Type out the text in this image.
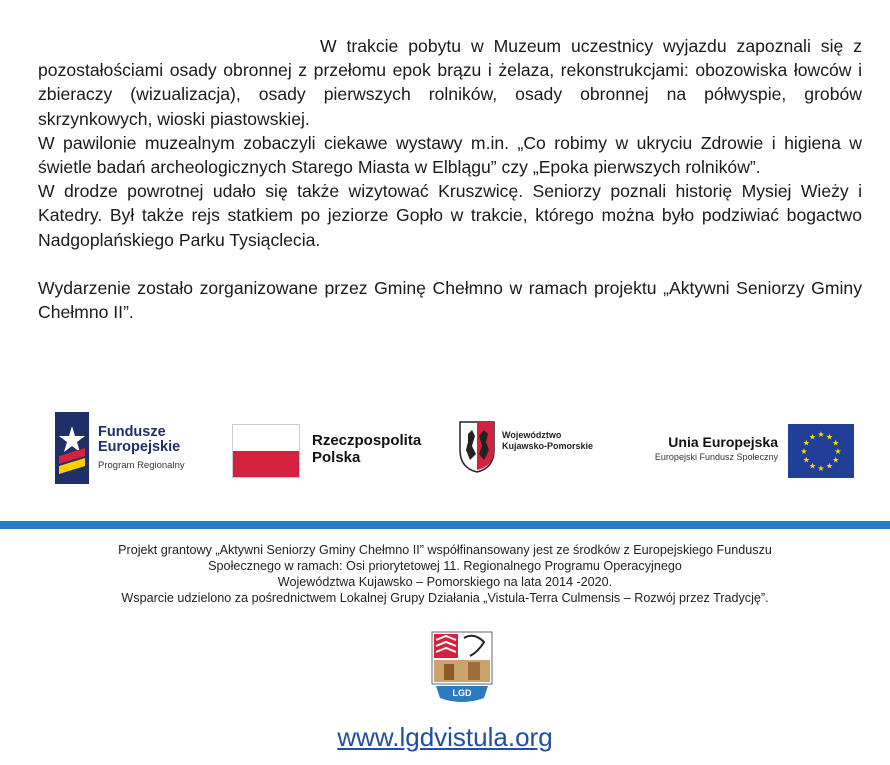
W trakcie pobytu w Muzeum uczestnicy wyjazdu zapoznali się z pozostałościami osady obronnej z przełomu epok brązu i żelaza, rekonstrukcjami: obozowiska łowców i zbieraczy (wizualizacja), osady pierwszych rolników, osady obronnej na półwyspie, grobów skrzynkowych, wioski piastowskiej.

W pawilonie muzealnym zobaczyli ciekawe wystawy m.in. „Co robimy w ukryciu Zdrowie i higiena w świetle badań archeologicznych Starego Miasta w Elblągu” czy „Epoka pierwszych rolników”.

W drodze powrotnej udało się także wizytować Kruszwicę. Seniorzy poznali historię Mysiej Wieży i Katedry. Był także rejs statkiem po jeziorze Gopło w trakcie, którego można było podziwiać bogactwo Nadgoplańskiego Parku Tysiąclecia.

Wydarzenie zostało zorganizowane przez Gminę Chełmno w ramach projektu „Aktywni Seniorzy Gminy Chełmno II”.

Fundusze
Europejskie
Program Regionalny
Rzeczpospolita
Polska
Województwo
Kujawsko-Pomorskie	Unia Europejska
Europejski Fundusz Społeczny
★ ★
★
★
★
★
★
★
★
★
★
★

Projekt grantowy „Aktywni Seniorzy Gminy Chełmno II” współfinansowany jest ze środków z Europejskiego Funduszu

Społecznego w ramach: Osi priorytetowej 11. Regionalnego Programu Operacyjnego

Województwa Kujawsko – Pomorskiego na lata 2014 -2020.

Wsparcie udzielono za pośrednictwem Lokalnej Grupy Działania „Vistula-Terra Culmensis – Rozwój przez Tradycję”.

LGD
www.lgdvistula.org
